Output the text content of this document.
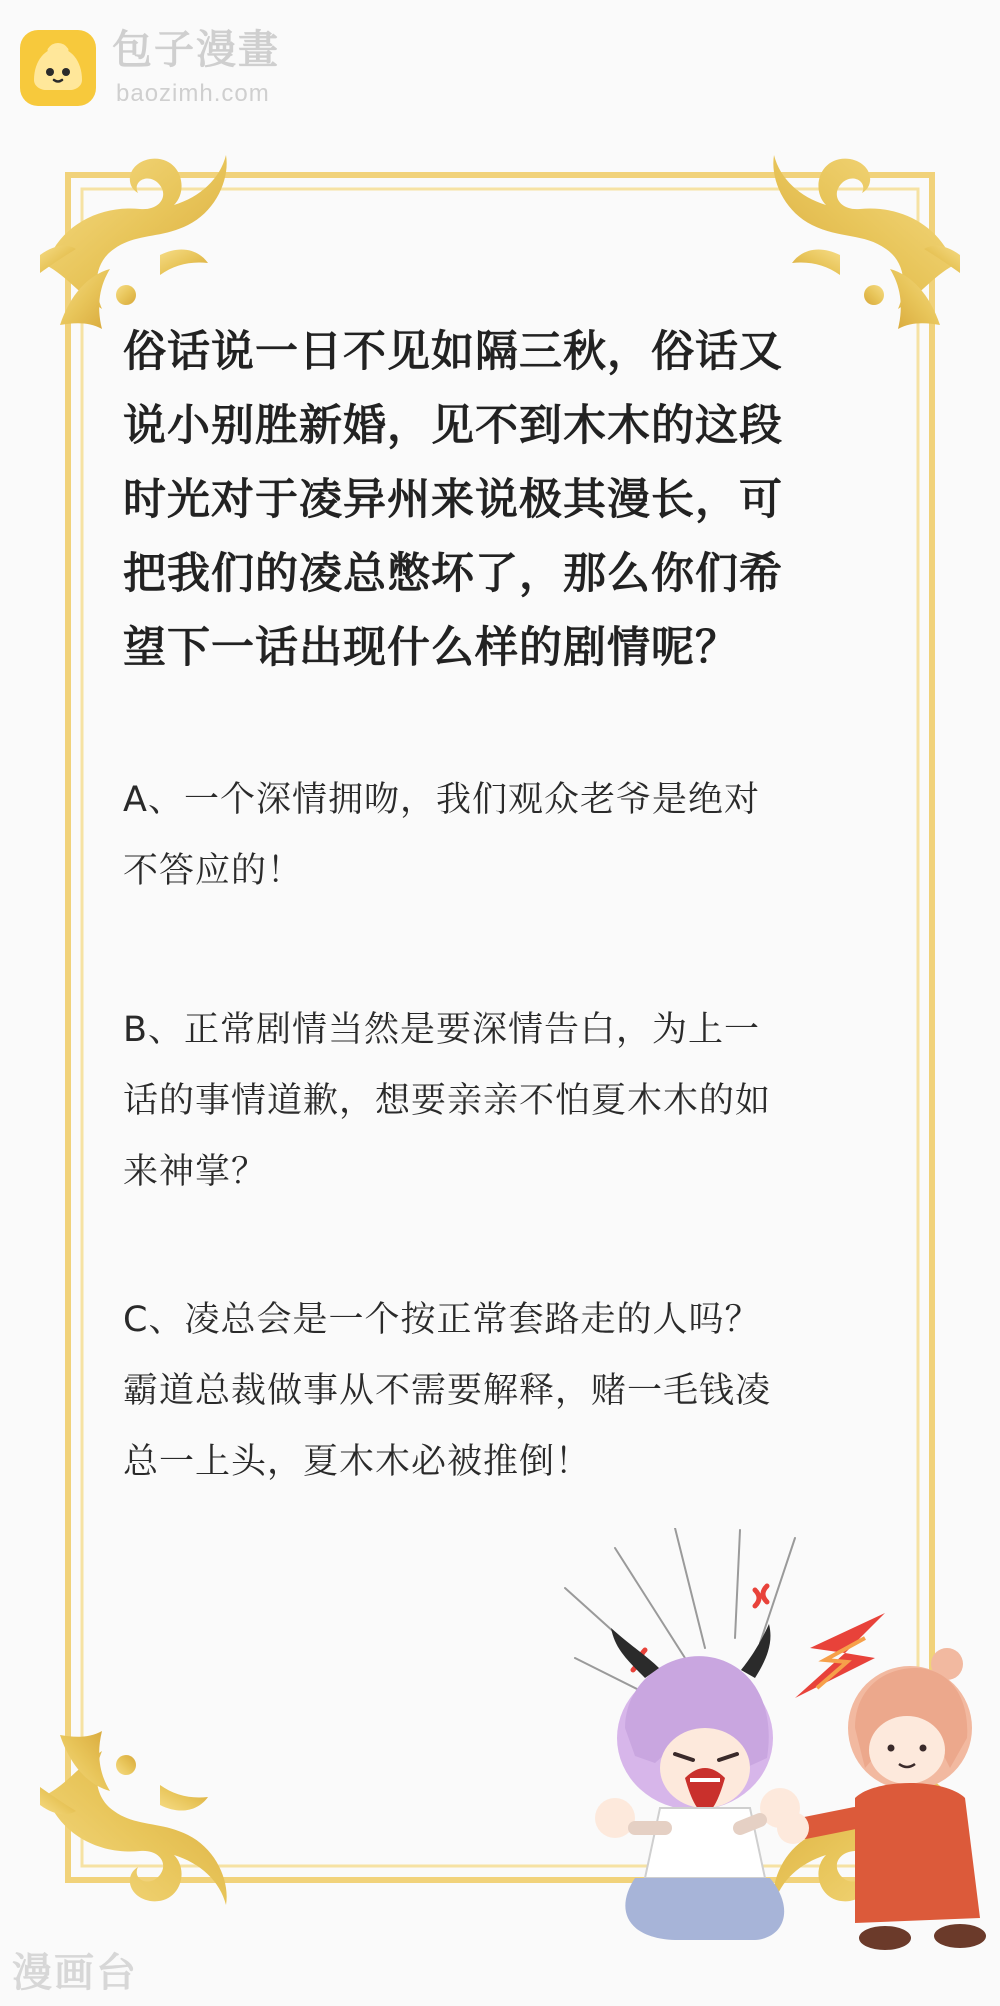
包子漫畫
baozimh.com
俗话说一日不见如隔三秋，俗话又
说小别胜新婚，见不到木木的这段
时光对于凌异州来说极其漫长，可
把我们的凌总憋坏了，那么你们希
望下一话出现什么样的剧情呢？
A、一个深情拥吻，我们观众老爷是绝对
不答应的！
B、正常剧情当然是要深情告白，为上一
话的事情道歉，想要亲亲不怕夏木木的如
来神掌？
C、凌总会是一个按正常套路走的人吗？
霸道总裁做事从不需要解释，赌一毛钱凌
总一上头，夏木木必被推倒！
漫画台
